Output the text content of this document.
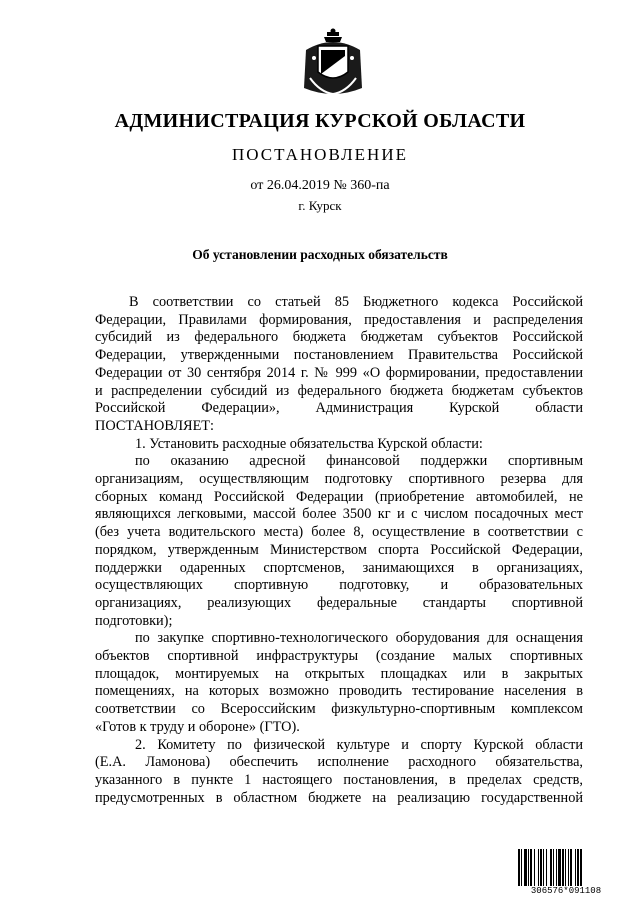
АДМИНИСТРАЦИЯ КУРСКОЙ ОБЛАСТИ
ПОСТАНОВЛЕНИЕ
от 26.04.2019 № 360-па
г. Курск
Об установлении расходных обязательств
В соответствии со статьей 85 Бюджетного кодекса Российской
Федерации, Правилами формирования, предоставления и распределения
субсидий из федерального бюджета бюджетам субъектов Российской
Федерации, утвержденными постановлением Правительства Российской
Федерации от 30 сентября 2014 г. № 999 «О формировании, предоставлении
и распределении субсидий из федерального бюджета бюджетам субъектов
Российской Федерации», Администрация Курской области
ПОСТАНОВЛЯЕТ:
1. Установить расходные обязательства Курской области:
по оказанию адресной финансовой поддержки спортивным
организациям, осуществляющим подготовку спортивного резерва для
сборных команд Российской Федерации (приобретение автомобилей, не
являющихся легковыми, массой более 3500 кг и с числом посадочных мест
(без учета водительского места) более 8, осуществление в соответствии с
порядком, утвержденным Министерством спорта Российской Федерации,
поддержки одаренных спортсменов, занимающихся в организациях,
осуществляющих спортивную подготовку, и образовательных
организациях, реализующих федеральные стандарты спортивной
подготовки);
по закупке спортивно-технологического оборудования для оснащения
объектов спортивной инфраструктуры (создание малых спортивных
площадок, монтируемых на открытых площадках или в закрытых
помещениях, на которых возможно проводить тестирование населения в
соответствии со Всероссийским физкультурно-спортивным комплексом
«Готов к труду и обороне» (ГТО).
2. Комитету по физической культуре и спорту Курской области
(Е.А. Ламонова) обеспечить исполнение расходного обязательства,
указанного в пункте 1 настоящего постановления, в пределах средств,
предусмотренных в областном бюджете на реализацию государственной
306576*091108
